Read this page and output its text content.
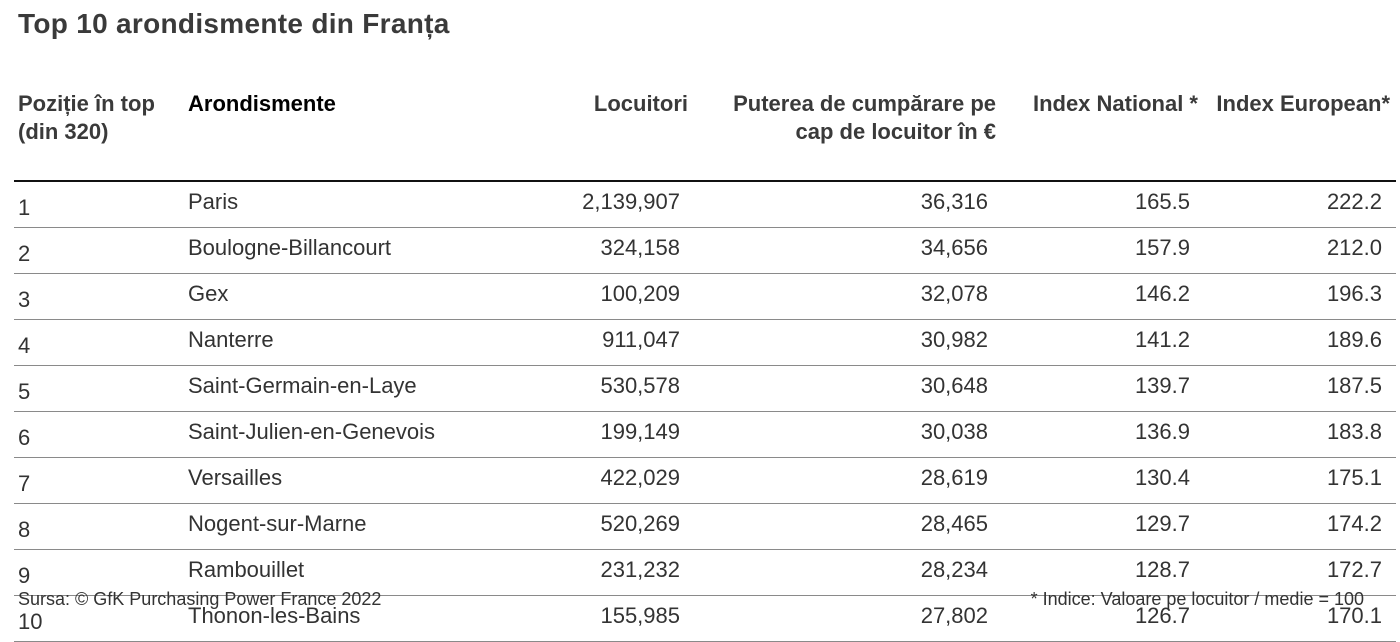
Top 10 arondismente din Franța
Poziție în top (din 320)	Arondismente	Locuitori	Puterea de cumpărare pe cap de locuitor în €	Index National *	Index European*
1	Paris	2,139,907	36,316	165.5	222.2
2	Boulogne-Billancourt	324,158	34,656	157.9	212.0
3	Gex	100,209	32,078	146.2	196.3
4	Nanterre	911,047	30,982	141.2	189.6
5	Saint-Germain-en-Laye	530,578	30,648	139.7	187.5
6	Saint-Julien-en-Genevois	199,149	30,038	136.9	183.8
7	Versailles	422,029	28,619	130.4	175.1
8	Nogent-sur-Marne	520,269	28,465	129.7	174.2
9	Rambouillet	231,232	28,234	128.7	172.7
10	Thonon-les-Bains	155,985	27,802	126.7	170.1
Sursa: © GfK Purchasing Power France 2022	* Indice: Valoare pe locuitor / medie = 100
